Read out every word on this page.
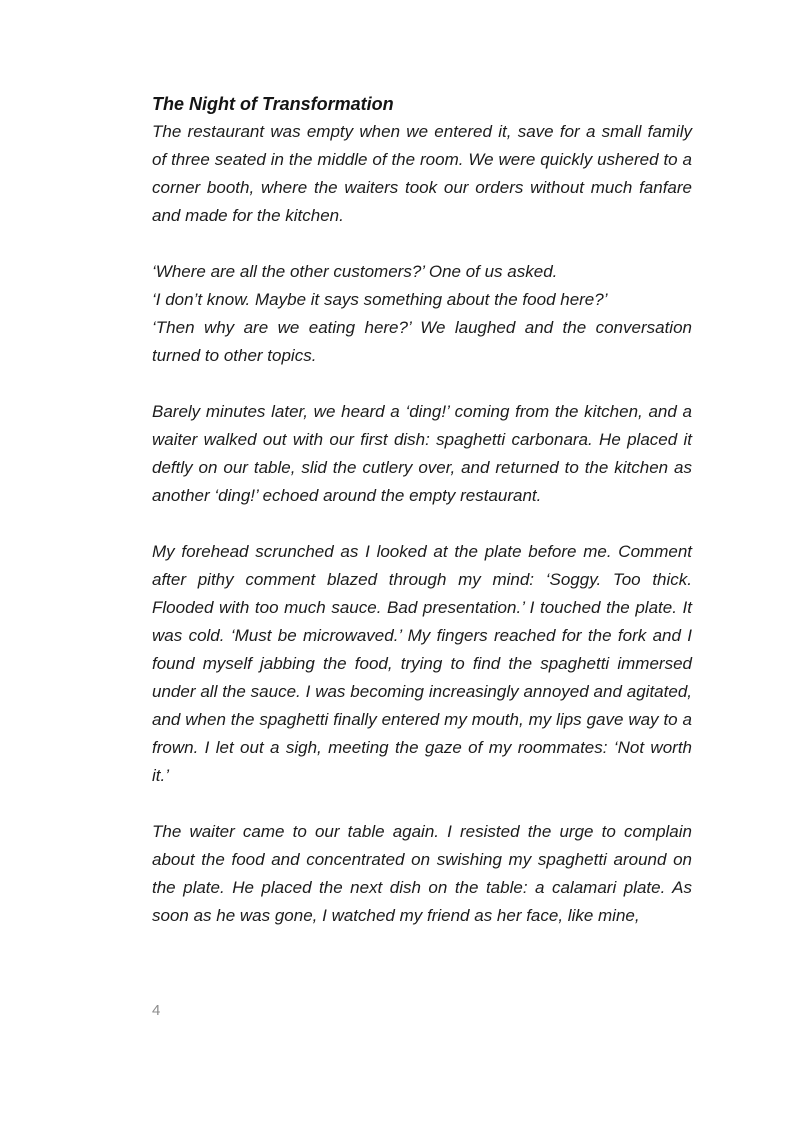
The Night of Transformation

The restaurant was empty when we entered it, save for a small family of three seated in the middle of the room. We were quickly ushered to a corner booth, where the waiters took our orders without much fanfare and made for the kitchen.

‘Where are all the other customers?’ One of us asked.

‘I don’t know. Maybe it says something about the food here?’

‘Then why are we eating here?’ We laughed and the conversation turned to other topics.

Barely minutes later, we heard a ‘ding!’ coming from the kitchen, and a waiter walked out with our first dish: spaghetti carbonara. He placed it deftly on our table, slid the cutlery over, and returned to the kitchen as another ‘ding!’ echoed around the empty restaurant.

My forehead scrunched as I looked at the plate before me. Comment after pithy comment blazed through my mind: ‘Soggy. Too thick. Flooded with too much sauce. Bad presentation.’ I touched the plate. It was cold. ‘Must be microwaved.’ My fingers reached for the fork and I found myself jabbing the food, trying to find the spaghetti immersed under all the sauce. I was becoming increasingly annoyed and agitated, and when the spaghetti finally entered my mouth, my lips gave way to a frown. I let out a sigh, meeting the gaze of my roommates: ‘Not worth it.’

The waiter came to our table again. I resisted the urge to complain about the food and concentrated on swishing my spaghetti around on the plate. He placed the next dish on the table: a calamari plate. As soon as he was gone, I watched my friend as her face, like mine,

4
